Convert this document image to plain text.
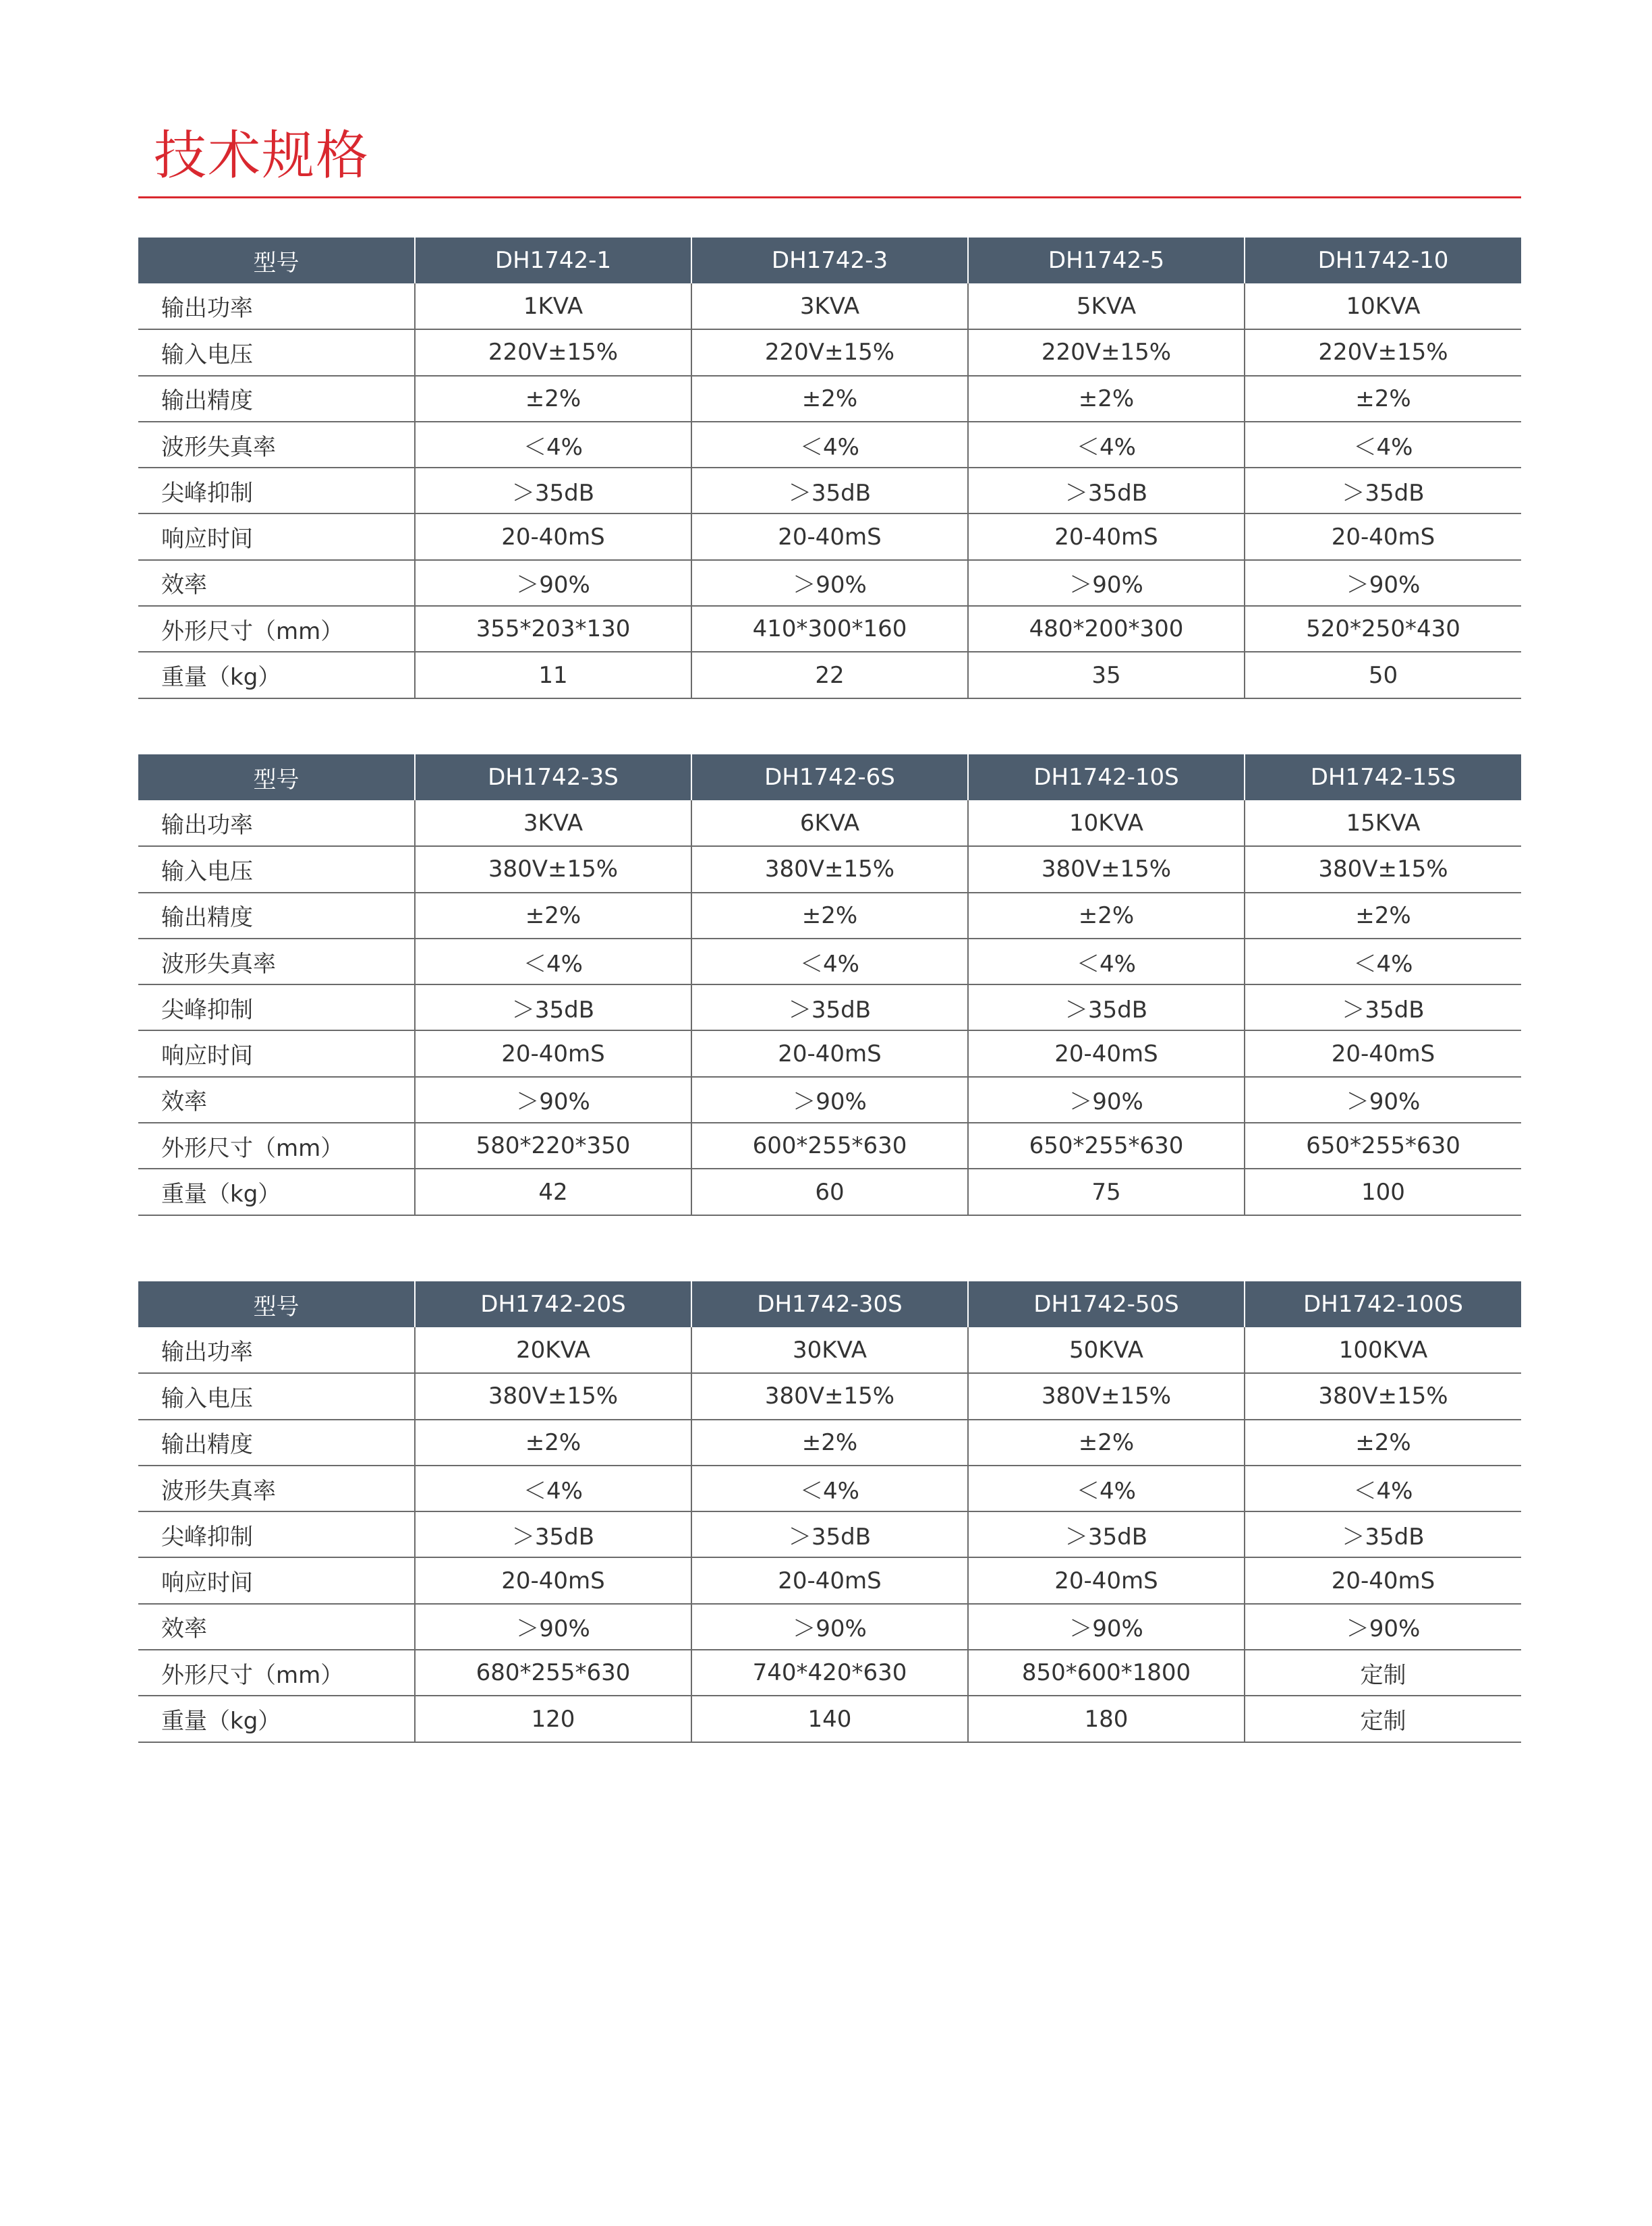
技术规格
型号	DH1742-1	DH1742-3	DH1742-5	DH1742-10
输出功率	1KVA	3KVA	5KVA	10KVA
输入电压	220V±15%	220V±15%	220V±15%	220V±15%
输出精度	±2%	±2%	±2%	±2%
波形失真率	＜4%	＜4%	＜4%	＜4%
尖峰抑制	＞35dB	＞35dB	＞35dB	＞35dB
响应时间	20-40mS	20-40mS	20-40mS	20-40mS
效率	＞90%	＞90%	＞90%	＞90%
外形尺寸（mm）	355*203*130	410*300*160	480*200*300	520*250*430
重量（kg）	11	22	35	50
型号	DH1742-3S	DH1742-6S	DH1742-10S	DH1742-15S
输出功率	3KVA	6KVA	10KVA	15KVA
输入电压	380V±15%	380V±15%	380V±15%	380V±15%
输出精度	±2%	±2%	±2%	±2%
波形失真率	＜4%	＜4%	＜4%	＜4%
尖峰抑制	＞35dB	＞35dB	＞35dB	＞35dB
响应时间	20-40mS	20-40mS	20-40mS	20-40mS
效率	＞90%	＞90%	＞90%	＞90%
外形尺寸（mm）	580*220*350	600*255*630	650*255*630	650*255*630
重量（kg）	42	60	75	100
型号	DH1742-20S	DH1742-30S	DH1742-50S	DH1742-100S
输出功率	20KVA	30KVA	50KVA	100KVA
输入电压	380V±15%	380V±15%	380V±15%	380V±15%
输出精度	±2%	±2%	±2%	±2%
波形失真率	＜4%	＜4%	＜4%	＜4%
尖峰抑制	＞35dB	＞35dB	＞35dB	＞35dB
响应时间	20-40mS	20-40mS	20-40mS	20-40mS
效率	＞90%	＞90%	＞90%	＞90%
外形尺寸（mm）	680*255*630	740*420*630	850*600*1800	定制
重量（kg）	120	140	180	定制
